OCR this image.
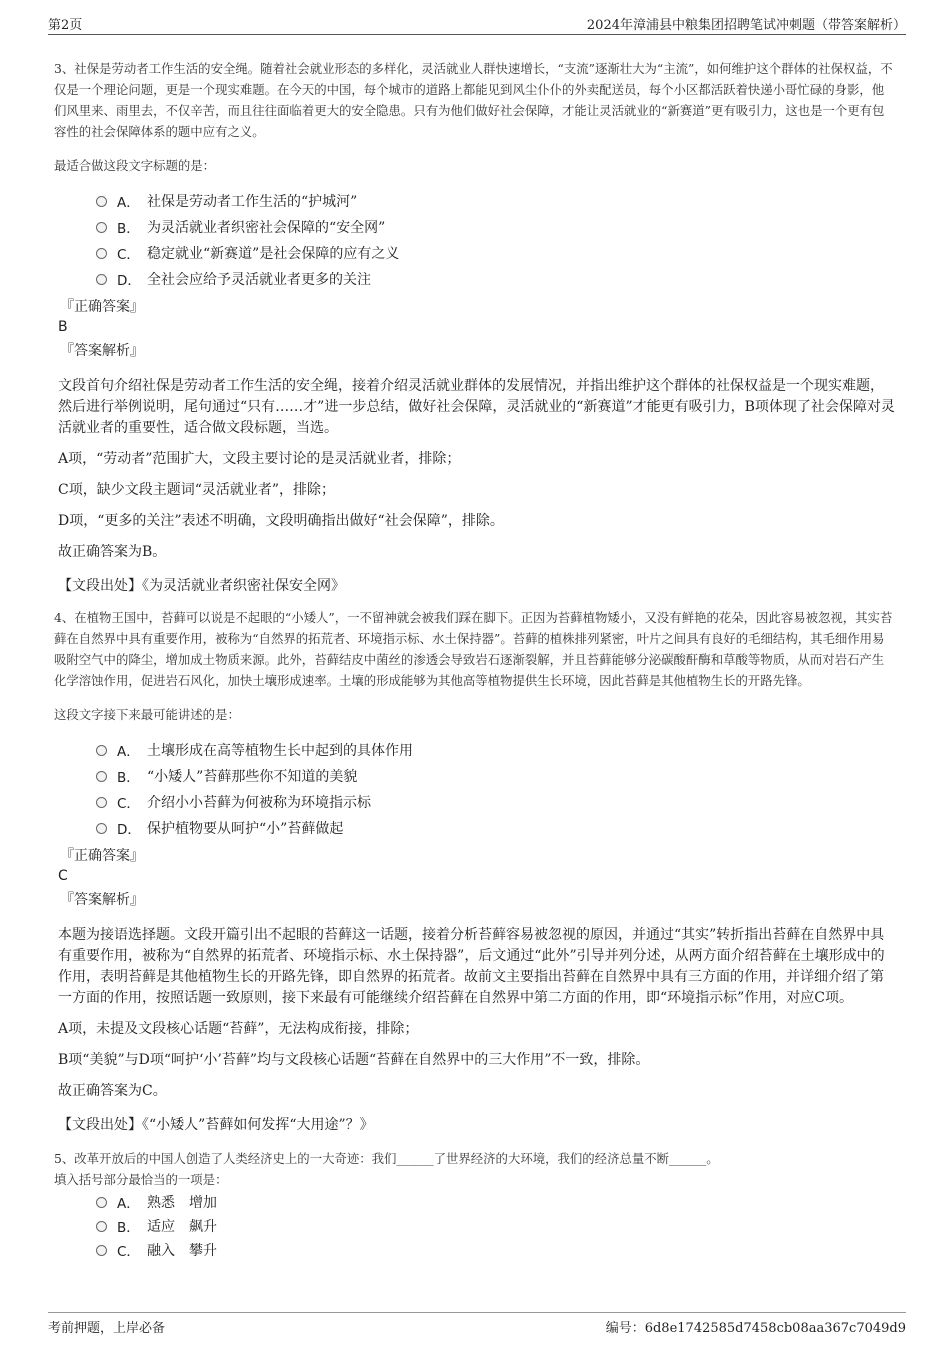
第2页	2024年漳浦县中粮集团招聘笔试冲刺题（带答案解析）

3、社保是劳动者工作生活的安全绳。随着社会就业形态的多样化，灵活就业人群快速增长，“支流”逐渐壮大为“主流”，如何维护这个群体的社保权益，不仅是一个理论问题，更是一个现实难题。在今天的中国，每个城市的道路上都能见到风尘仆仆的外卖配送员，每个小区都活跃着快递小哥忙碌的身影，他们风里来、雨里去，不仅辛苦，而且往往面临着更大的安全隐患。只有为他们做好社会保障，才能让灵活就业的“新赛道”更有吸引力，这也是一个更有包容性的社会保障体系的题中应有之义。

最适合做这段文字标题的是：

A． 社保是劳动者工作生活的“护城河”
B． 为灵活就业者织密社会保障的“安全网”
C． 稳定就业“新赛道”是社会保障的应有之义
D． 全社会应给予灵活就业者更多的关注
『正确答案』
B
『答案解析』

文段首句介绍社保是劳动者工作生活的安全绳，接着介绍灵活就业群体的发展情况，并指出维护这个群体的社保权益是一个现实难题，然后进行举例说明，尾句通过“只有……才”进一步总结，做好社会保障，灵活就业的“新赛道”才能更有吸引力，B项体现了社会保障对灵活就业者的重要性，适合做文段标题，当选。

A项，“劳动者”范围扩大，文段主要讨论的是灵活就业者，排除；

C项，缺少文段主题词“灵活就业者”，排除；

D项，“更多的关注”表述不明确，文段明确指出做好“社会保障”，排除。

故正确答案为B。

【文段出处】《为灵活就业者织密社保安全网》

4、在植物王国中，苔藓可以说是不起眼的“小矮人”，一不留神就会被我们踩在脚下。正因为苔藓植物矮小，又没有鲜艳的花朵，因此容易被忽视，其实苔藓在自然界中具有重要作用，被称为“自然界的拓荒者、环境指示标、水土保持器”。苔藓的植株排列紧密，叶片之间具有良好的毛细结构，其毛细作用易吸附空气中的降尘，增加成土物质来源。此外，苔藓结皮中菌丝的渗透会导致岩石逐渐裂解，并且苔藓能够分泌碳酸酐酶和草酸等物质，从而对岩石产生化学溶蚀作用，促进岩石风化，加快土壤形成速率。土壤的形成能够为其他高等植物提供生长环境，因此苔藓是其他植物生长的开路先锋。

这段文字接下来最可能讲述的是：

A． 土壤形成在高等植物生长中起到的具体作用
B． “小矮人”苔藓那些你不知道的美貌
C． 介绍小小苔藓为何被称为环境指示标
D． 保护植物要从呵护“小”苔藓做起
『正确答案』
C
『答案解析』

本题为接语选择题。文段开篇引出不起眼的苔藓这一话题，接着分析苔藓容易被忽视的原因，并通过“其实”转折指出苔藓在自然界中具有重要作用，被称为“自然界的拓荒者、环境指示标、水土保持器”，后文通过“此外”引导并列分述，从两方面介绍苔藓在土壤形成中的作用，表明苔藓是其他植物生长的开路先锋，即自然界的拓荒者。故前文主要指出苔藓在自然界中具有三方面的作用，并详细介绍了第一方面的作用，按照话题一致原则，接下来最有可能继续介绍苔藓在自然界中第二方面的作用，即“环境指示标”作用，对应C项。

A项，未提及文段核心话题“苔藓”，无法构成衔接，排除；

B项“美貌”与D项“呵护‘小’苔藓”均与文段核心话题“苔藓在自然界中的三大作用”不一致，排除。

故正确答案为C。

【文段出处】《“小矮人”苔藓如何发挥“大用途”？》

5、改革开放后的中国人创造了人类经济史上的一大奇迹：我们______了世界经济的大环境，我们的经济总量不断______。

填入括号部分最恰当的一项是：

A． 熟悉　增加
B． 适应　飙升
C． 融入　攀升
考前押题，上岸必备	编号：6d8e1742585d7458cb08aa367c7049d9
